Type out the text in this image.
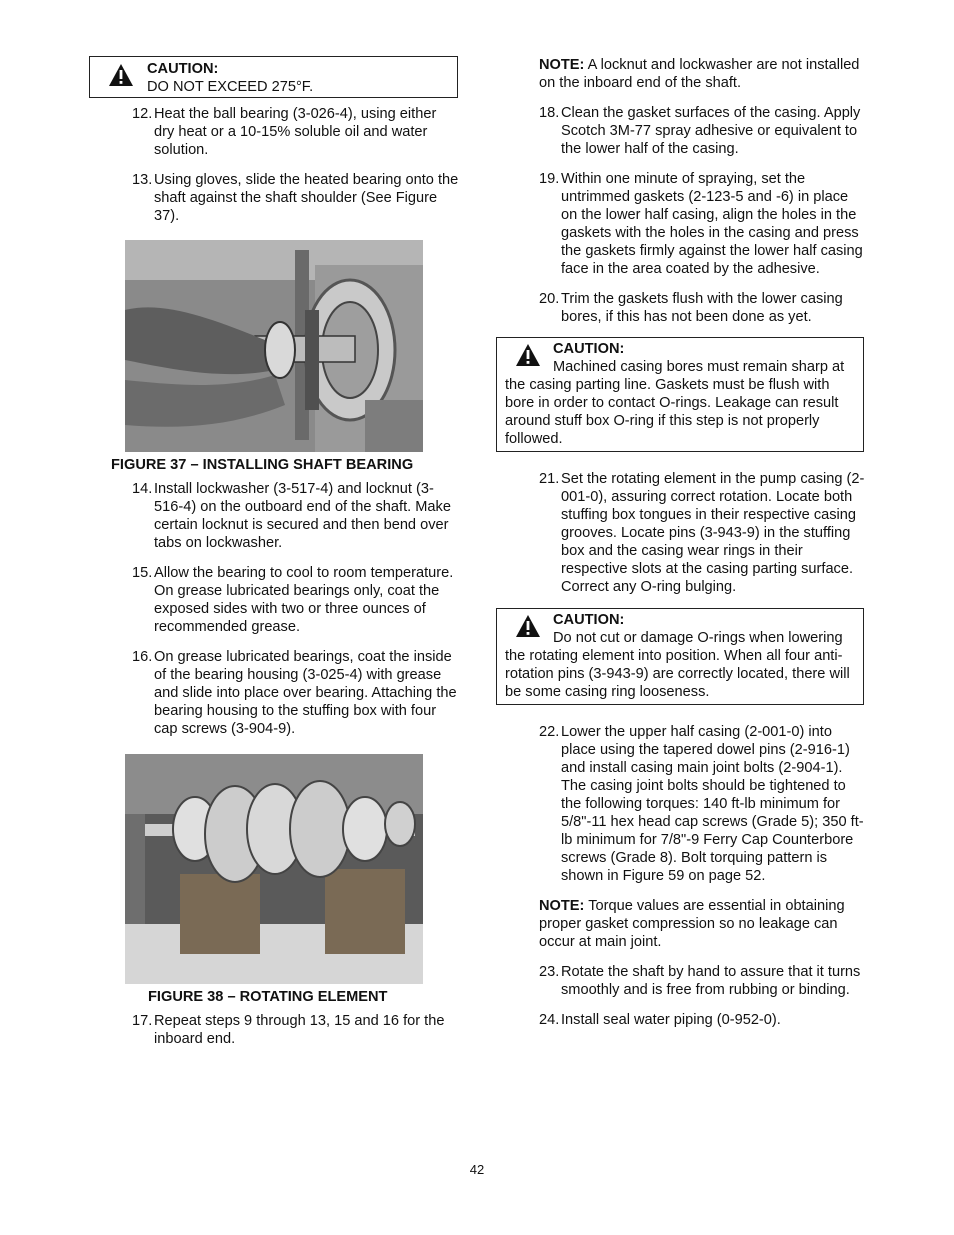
CAUTION:
DO NOT EXCEED 275°F.
12. Heat the ball bearing (3-026-4), using either dry heat or a 10-15% soluble oil and water solution.
13. Using gloves, slide the heated bearing onto the shaft against the shaft shoulder (See Figure 37).
FIGURE 37 – INSTALLING SHAFT BEARING
14. Install lockwasher (3-517-4) and locknut (3-516-4) on the outboard end of the shaft. Make certain locknut is secured and then bend over tabs on lockwasher.
15. Allow the bearing to cool to room temperature. On grease lubricated bearings only, coat the exposed sides with two or three ounces of recommended grease.
16. On grease lubricated bearings, coat the inside of the bearing housing (3-025-4) with grease and slide into place over bearing. Attaching the bearing housing to the stuffing box with four cap screws (3-904-9).
FIGURE 38 – ROTATING ELEMENT
17. Repeat steps 9 through 13, 15 and 16 for the inboard end.
NOTE: A locknut and lockwasher are not installed on the inboard end of the shaft.
18. Clean the gasket surfaces of the casing. Apply Scotch 3M-77 spray adhesive or equivalent to the lower half of the casing.
19. Within one minute of spraying, set the untrimmed gaskets (2-123-5 and -6) in place on the lower half casing, align the holes in the gaskets with the holes in the casing and press the gaskets firmly against the lower half casing face in the area coated by the adhesive.
20. Trim the gaskets flush with the lower casing bores, if this has not been done as yet.
CAUTION:
Machined casing bores must remain sharp at the casing parting line. Gaskets must be flush with bore in order to contact O-rings. Leakage can result around stuff box O-ring if this step is not properly followed.
21. Set the rotating element in the pump casing (2-001-0), assuring correct rotation. Locate both stuffing box tongues in their respective casing grooves. Locate pins (3-943-9) in the stuffing box and the casing wear rings in their respective slots at the casing parting surface. Correct any O-ring bulging.
CAUTION:
Do not cut or damage O-rings when lowering the rotating element into position. When all four anti-rotation pins (3-943-9) are correctly located, there will be some casing ring looseness.
22. Lower the upper half casing (2-001-0) into place using the tapered dowel pins (2-916-1) and install casing main joint bolts (2-904-1). The casing joint bolts should be tightened to the following torques: 140 ft-lb minimum for 5/8"-11 hex head cap screws (Grade 5); 350 ft-lb minimum for 7/8"-9 Ferry Cap Counterbore screws (Grade 8). Bolt torquing pattern is shown in Figure 59 on page 52.
NOTE: Torque values are essential in obtaining proper gasket compression so no leakage can occur at main joint.
23. Rotate the shaft by hand to assure that it turns smoothly and is free from rubbing or binding.
24. Install seal water piping (0-952-0).
42
